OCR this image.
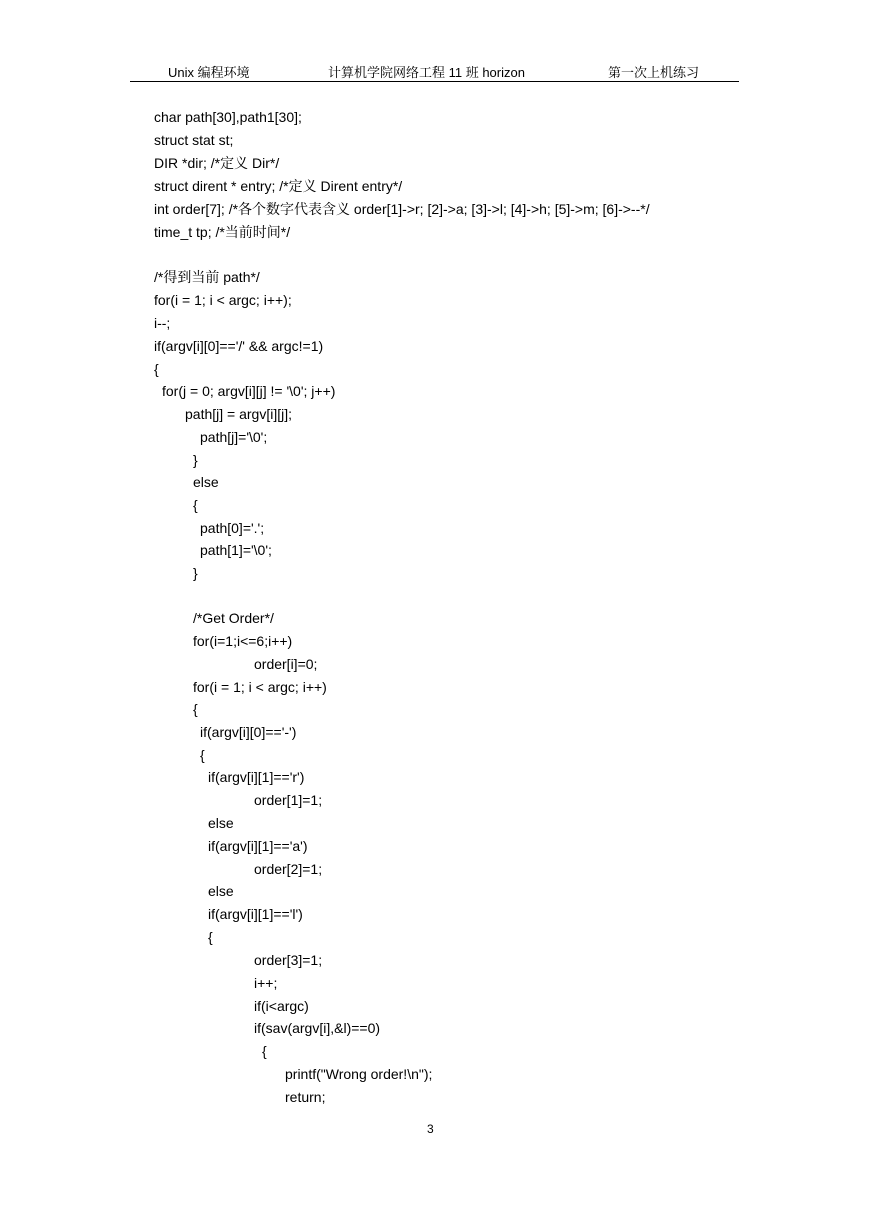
Unix 编程环境	计算机学院网络工程 11 班 horizon	第一次上机练习
char path[30],path1[30];
struct stat st;
DIR *dir; /*定义 Dir*/
struct dirent * entry; /*定义 Dirent entry*/
int order[7]; /*各个数字代表含义 order[1]->r; [2]->a; [3]->l; [4]->h; [5]->m; [6]->--*/
time_t tp; /*当前时间*/
/*得到当前 path*/
for(i = 1; i < argc; i++);
i--;
if(argv[i][0]=='/' && argc!=1)
{
for(j = 0; argv[i][j] != '\0'; j++)
path[j] = argv[i][j];
path[j]='\0';
}
else
{
path[0]='.';
path[1]='\0';
}
/*Get Order*/
for(i=1;i<=6;i++)
order[i]=0;
for(i = 1; i < argc; i++)
{
if(argv[i][0]=='-')
{
if(argv[i][1]=='r')
order[1]=1;
else
if(argv[i][1]=='a')
order[2]=1;
else
if(argv[i][1]=='l')
{
order[3]=1;
i++;
if(i<argc)
if(sav(argv[i],&l)==0)
{
printf("Wrong order!\n");
return;
3
